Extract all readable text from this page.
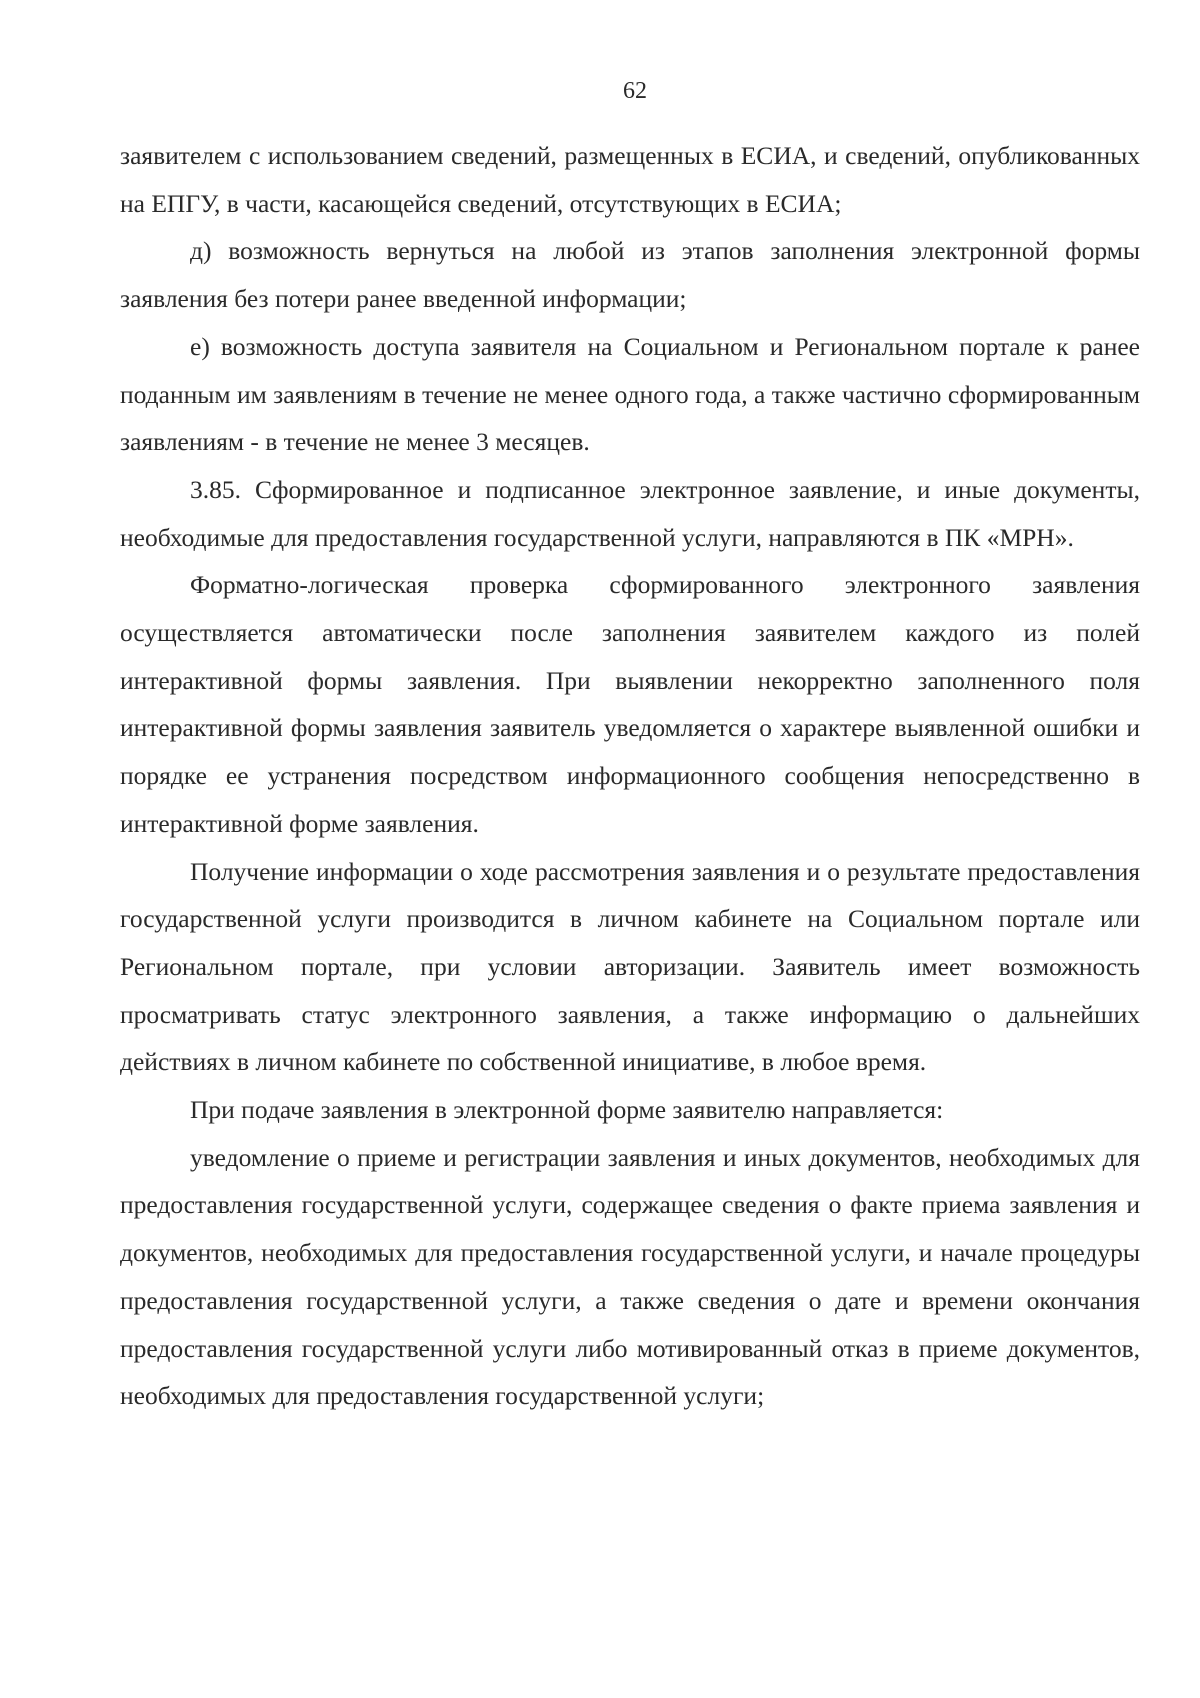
62

заявителем с использованием сведений, размещенных в ЕСИА, и сведений, опубликованных на ЕПГУ, в части, касающейся сведений, отсутствующих в ЕСИА;

д) возможность вернуться на любой из этапов заполнения электронной формы заявления без потери ранее введенной информации;

е) возможность доступа заявителя на Социальном и Региональном портале к ранее поданным им заявлениям в течение не менее одного года, а также частично сформированным заявлениям - в течение не менее 3 месяцев.

3.85. Сформированное и подписанное электронное заявление, и иные документы, необходимые для предоставления государственной услуги, направляются в ПК «МРН».

Форматно-логическая проверка сформированного электронного заявления осуществляется автоматически после заполнения заявителем каждого из полей интерактивной формы заявления. При выявлении некорректно заполненного поля интерактивной формы заявления заявитель уведомляется о характере выявленной ошибки и порядке ее устранения посредством информационного сообщения непосредственно в интерактивной форме заявления.

Получение информации о ходе рассмотрения заявления и о результате предоставления государственной услуги производится в личном кабинете на Социальном портале или Региональном портале, при условии авторизации. Заявитель имеет возможность просматривать статус электронного заявления, а также информацию о дальнейших действиях в личном кабинете по собственной инициативе, в любое время.

При подаче заявления в электронной форме заявителю направляется:

уведомление о приеме и регистрации заявления и иных документов, необходимых для предоставления государственной услуги, содержащее сведения о факте приема заявления и документов, необходимых для предоставления государственной услуги, и начале процедуры предоставления государственной услуги, а также сведения о дате и времени окончания предоставления государственной услуги либо мотивированный отказ в приеме документов, необходимых для предоставления государственной услуги;
